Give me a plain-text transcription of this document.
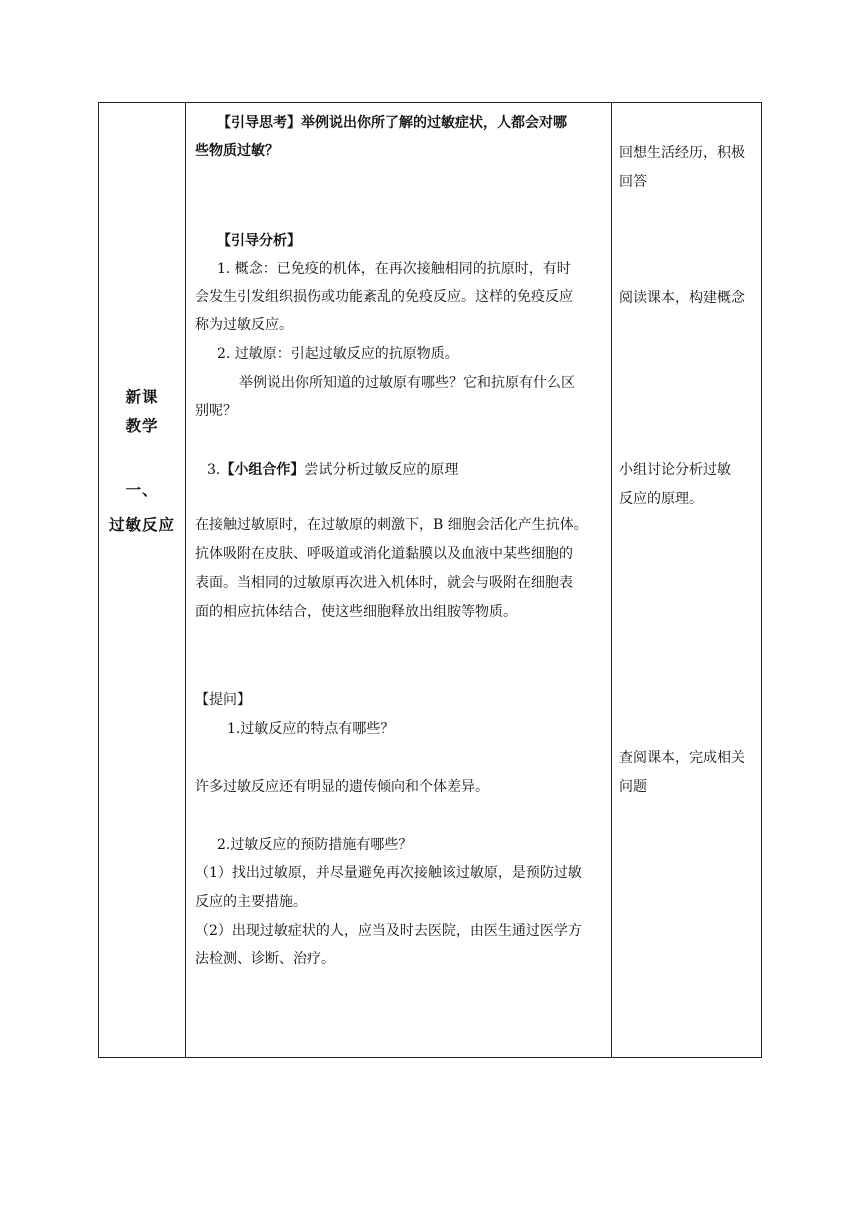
新课
教学
一、
过敏反应
【引导思考】举例说出你所了解的过敏症状，人都会对哪
些物质过敏？
【引导分析】
1. 概念：已免疫的机体，在再次接触相同的抗原时，有时
会发生引发组织损伤或功能紊乱的免疫反应。这样的免疫反应
称为过敏反应。
2. 过敏原：引起过敏反应的抗原物质。
举例说出你所知道的过敏原有哪些？它和抗原有什么区
别呢？
3.【小组合作】尝试分析过敏反应的原理
在接触过敏原时，在过敏原的刺激下，B 细胞会活化产生抗体。
抗体吸附在皮肤、呼吸道或消化道黏膜以及血液中某些细胞的
表面。当相同的过敏原再次进入机体时，就会与吸附在细胞表
面的相应抗体结合，使这些细胞释放出组胺等物质。
【提问】
1.过敏反应的特点有哪些？
许多过敏反应还有明显的遗传倾向和个体差异。
2.过敏反应的预防措施有哪些？
（1）找出过敏原，并尽量避免再次接触该过敏原，是预防过敏
反应的主要措施。
（2）出现过敏症状的人，应当及时去医院，由医生通过医学方
法检测、诊断、治疗。
回想生活经历，积极
回答
阅读课本，构建概念
小组讨论分析过敏
反应的原理。
查阅课本，完成相关
问题
